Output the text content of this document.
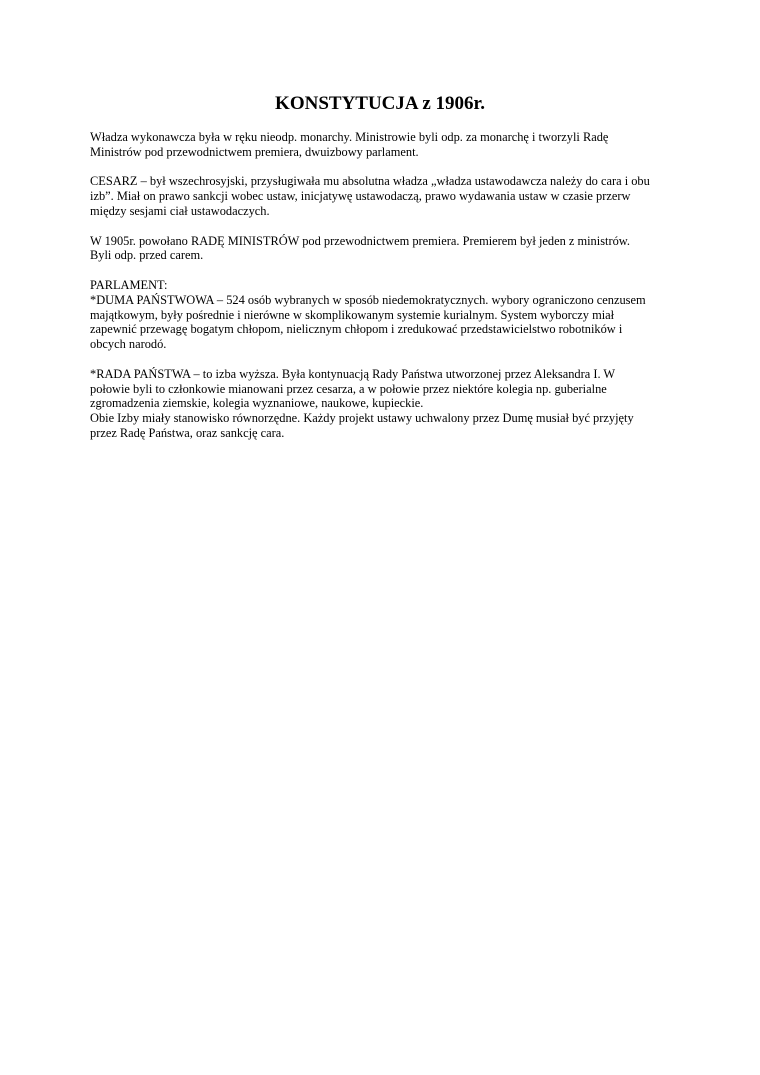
KONSTYTUCJA z 1906r.
Władza wykonawcza była w ręku nieodp. monarchy. Ministrowie byli odp. za monarchę i tworzyli Radę
Ministrów pod przewodnictwem premiera, dwuizbowy parlament.
CESARZ – był wszechrosyjski, przysługiwała mu absolutna władza „władza ustawodawcza należy do cara i obu
izb”. Miał on prawo sankcji wobec ustaw, inicjatywę ustawodaczą, prawo wydawania ustaw w czasie przerw
między sesjami ciał ustawodaczych.
W 1905r. powołano RADĘ MINISTRÓW pod przewodnictwem premiera. Premierem był jeden z ministrów.
Byli odp. przed carem.
PARLAMENT:
*DUMA PAŃSTWOWA – 524 osób wybranych w sposób niedemokratycznych. wybory ograniczono cenzusem
majątkowym, były pośrednie i nierówne w skomplikowanym systemie kurialnym. System wyborczy miał
zapewnić przewagę bogatym chłopom, nielicznym chłopom i zredukować przedstawicielstwo robotników i
obcych narodó.
*RADA PAŃSTWA – to izba wyższa. Była kontynuacją Rady Państwa utworzonej przez Aleksandra I. W
połowie byli to członkowie mianowani przez cesarza, a w połowie przez niektóre kolegia np. guberialne
zgromadzenia ziemskie, kolegia wyznaniowe, naukowe, kupieckie.
Obie Izby miały stanowisko równorzędne. Każdy projekt ustawy uchwalony przez Dumę musiał być przyjęty
przez Radę Państwa, oraz sankcję cara.
